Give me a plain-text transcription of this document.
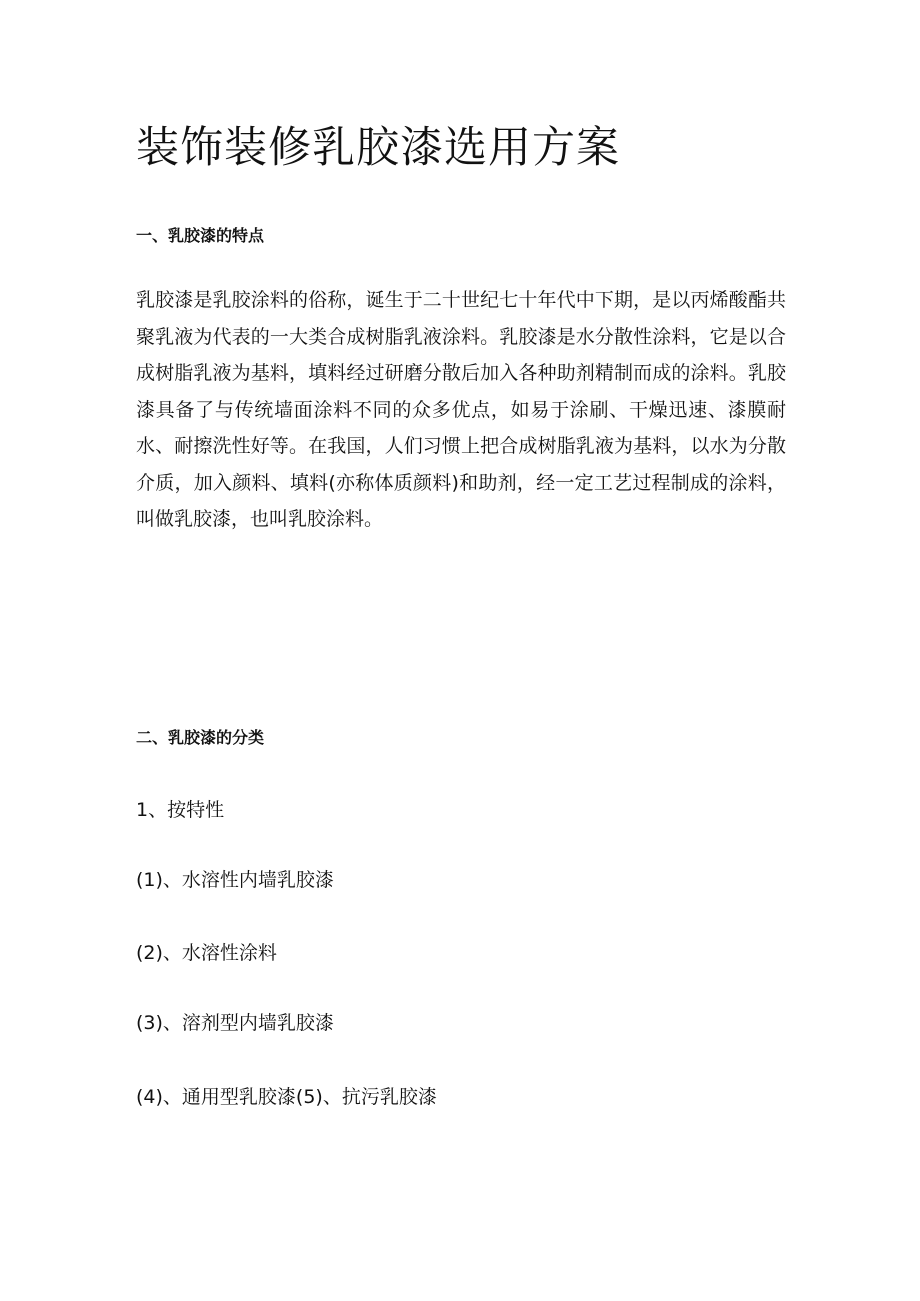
装饰装修乳胶漆选用方案
一、乳胶漆的特点

乳胶漆是乳胶涂料的俗称，诞生于二十世纪七十年代中下期，是以丙烯酸酯共聚乳液为代表的一大类合成树脂乳液涂料。乳胶漆是水分散性涂料，它是以合成树脂乳液为基料，填料经过研磨分散后加入各种助剂精制而成的涂料。乳胶漆具备了与传统墙面涂料不同的众多优点，如易于涂刷、干燥迅速、漆膜耐水、耐擦洗性好等。在我国，人们习惯上把合成树脂乳液为基料，以水为分散介质，加入颜料、填料(亦称体质颜料)和助剂，经一定工艺过程制成的涂料，叫做乳胶漆，也叫乳胶涂料。

二、乳胶漆的分类

1、按特性

(1)、水溶性内墙乳胶漆

(2)、水溶性涂料

(3)、溶剂型内墙乳胶漆

(4)、通用型乳胶漆(5)、抗污乳胶漆
